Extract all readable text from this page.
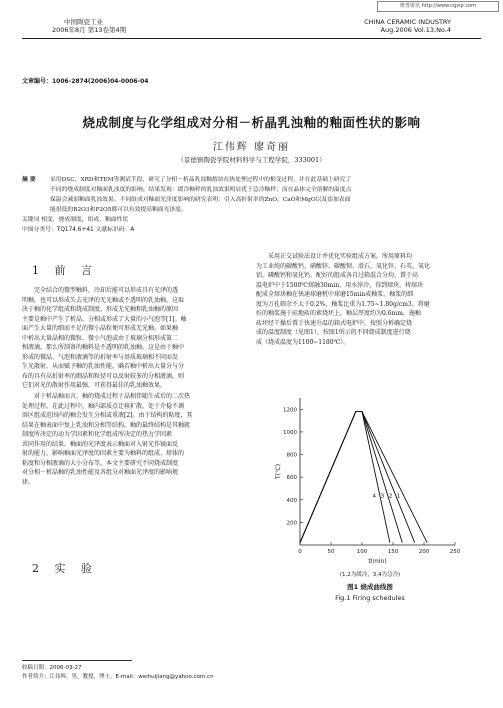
维普资讯 http://www.cqvip.com
中国陶瓷工业
2006年8月 第13卷第4期
CHINA CERAMIC INDUSTRY
Aug.2006 Vol.13,No.4
文章编号：1006-2874(2006)04-0006-04
烧成制度与化学组成对分相－析晶乳浊釉的釉面性状的影响
江伟辉 廖奇丽
（景德镇陶瓷学院材料科学与工程学院，333001）
摘 要	采用DSC、XRD和TEM等测试手段，研究了分相－析晶乳浊釉熔块在热处理过程中的相变过程，并在此基础上研究了
不同的烧成制度对釉面乳浊度的影响。结果发现：缓冷釉样的乳浊效果明显优于急冷釉样；而在晶体完全溶解的温度点
保温会减弱釉面乳浊效果。不同组成对釉面光泽度影响的研究表明：引入高折射率的ZnO、CaO和MgO以及添加表面
能很低的B2O3和P2O5都可以有效提高釉面光泽度。
关键词 相变，烧成制度，组成，釉面性状
中图分类号：TQ174.6+41 文献标识码：A
1 前 言
完全结合的微型釉料，冷却后能可以形成具有光泽的透
明釉，也可以形成失去光泽的无光釉或不透明的乳浊釉，这取
决于釉的化学组成和烧成制度。形成无光釉和乳浊釉的原因
主要是釉中产生了析晶、分相或形成了大量的小气泡等[1]。釉
面产生大量的细而不足的微小晶粒便可形成无光釉。如果釉
中析出大量晶相的微粒、微小气泡或由于玻璃分相形成第二
相液滴，那么所制备的釉料是不透明的乳浊釉。这是由于釉中
形成的微晶、气泡和液滴等的折射率与基质玻璃相不同而发
生光散射，从而赋予釉的乳浊性能。确若釉中析出大量分与分
布的具有高折射率的细晶和粒径可以反射较多的分相液滴，则
它们对光的散射作用最强，可获得最佳的乳浊釉效果。
对于析晶釉而言，釉的烧成过程于晶相伴随生成后的二次热
处理过程。在此过程中，釉内部质点迁移扩散，处于介稳不调
溶区组成范围内的釉会发生分相或重液[2]。由于结构的粘度，其
结果在釉表面中复上乳浊和分相等结构，釉的最终结构是其釉就
制度所决定的动力学因素和化学组成所决定的热力学因素
共同作用的结果。釉面的光泽度表示釉面对入射光作镜面反
射的能力，影响釉面光泽度的因素主要为釉料的组成、熔体的
粘度和分相液滴的大小分布等。本文主要研究不同烧成制度
对分相－析晶釉的乳浊性能及各组分对釉面光泽度的影响规
律。
2 实 验
采用正交试验法设计并优化实验组成方案。所用原料均
为工业纯的碳酸钙、硝酸锌、碳酸钡、滑石、氧化锌、石英、氧化
铝、磷酸钙和氧化钙，配好的组成各自过筛混合分均，置于高
温电炉中于1500℃熔融30min，用水淬冷，得到熔块。将熔块
配成全熔块釉在快速球磨机中球磨15min成釉浆，釉浆的细
度为万孔筛余不大于0.2%，釉浆比重为1.75~1.80g/cm3。将磨
好的釉浆施于硅地砖的素烧坯上，釉层厚度约为0.6mm，施釉
砖坯经干燥后置于快速升温的箱式电炉中，按照分析确定烧
成的温度制度（见图1），按图1所示的不同烧成制度进行烧
成（烧成温度为1100~1180℃）。
0	50	100	150	200	250
200
400
600
800
1000
1200
t(min)
T(℃)
1
2
3
4
(1,2为缓冷，3,4为急冷)
图1 烧成曲线图
Fig.1 Firing schedules
收稿日期：2006-03-27
作者简介：江伟辉，男，教授，博士。E-mail：weihuijiang@yahoo.com.cn
